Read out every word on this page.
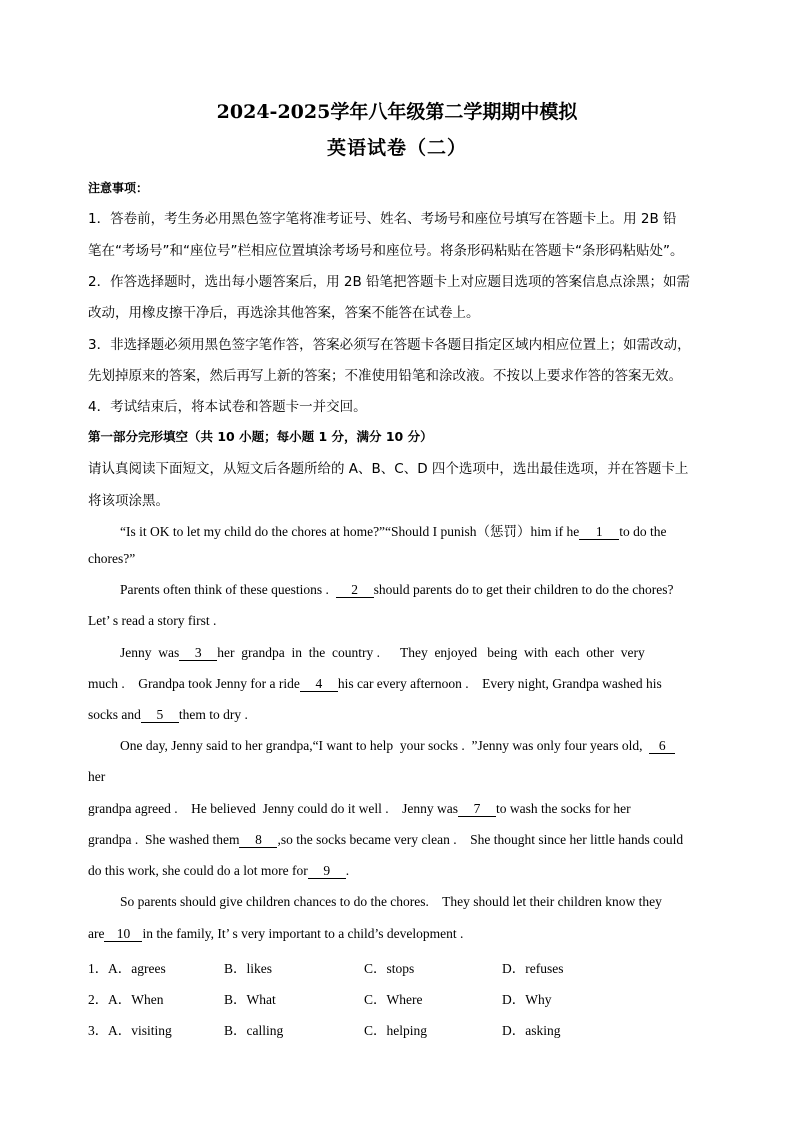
2024-2025学年八年级第二学期期中模拟
英语试卷（二）
注意事项：
1．答卷前，考生务必用黑色签字笔将准考证号、姓名、考场号和座位号填写在答题卡上。用 2B 铅
笔在“考场号”和“座位号”栏相应位置填涂考场号和座位号。将条形码粘贴在答题卡“条形码粘贴处”。
2．作答选择题时，选出每小题答案后，用 2B 铅笔把答题卡上对应题目选项的答案信息点涂黑；如需
改动，用橡皮擦干净后，再选涂其他答案，答案不能答在试卷上。
3．非选择题必须用黑色签字笔作答，答案必须写在答题卡各题目指定区域内相应位置上；如需改动，
先划掉原来的答案，然后再写上新的答案；不准使用铅笔和涂改液。不按以上要求作答的答案无效。
4．考试结束后，将本试卷和答题卡一并交回。
第一部分完形填空（共 10 小题；每小题 1 分，满分 10 分）
请认真阅读下面短文，从短文后各题所给的 A、B、C、D 四个选项中，选出最佳选项，并在答题卡上
将该项涂黑。
“Is it OK to let my child do the chores at home?”“Should I punish（惩罚）him if he 1 to do the
chores?”
Parents often think of these questions . 2 should parents do to get their children to do the chores?
Let’ s read a story first .
Jenny  was 3 her  grandpa  in  the  country .      They  enjoyed   being  with  each  other  very
much .    Grandpa took Jenny for a ride 4 his car every afternoon .    Every night, Grandpa washed his
socks and 5 them to dry .
One day, Jenny said to her grandpa,“I want to help  your socks .  ”Jenny was only four years old, 6
her
grandpa agreed .    He believed  Jenny could do it well .    Jenny was 7 to wash the socks for her
grandpa .  She washed them 8 ,so the socks became very clean .    She thought since her little hands could
do this work, she could do a lot more for 9 .
So parents should give children chances to do the chores.    They should let their children know they
are 10 in the family, It’ s very important to a child’s development .
1． A．agrees	B．likes	C．stops	D．refuses
2． A．When	B．What	C．Where	D．Why
3． A．visiting	B．calling	C．helping	D．asking
